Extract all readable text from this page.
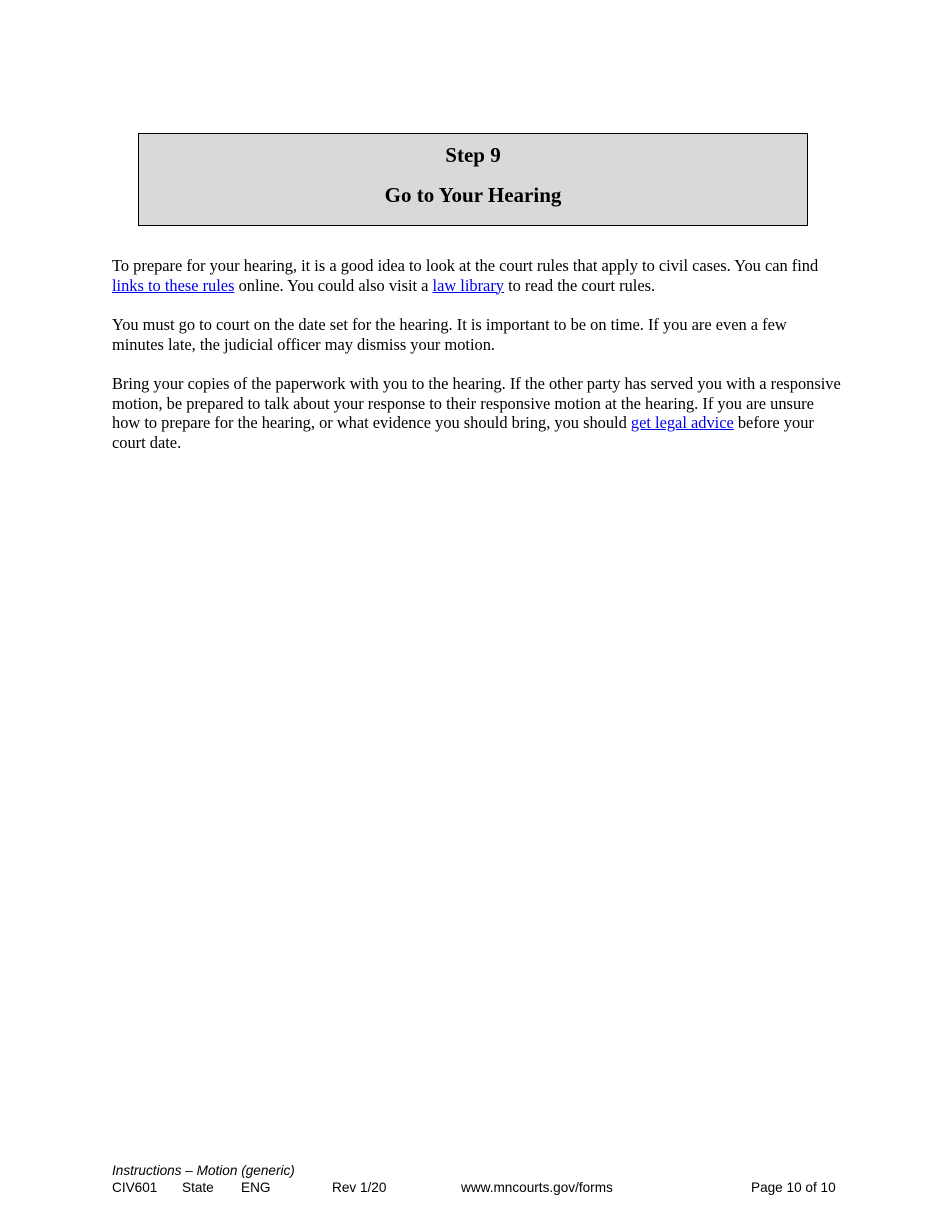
Step 9
Go to Your Hearing

To prepare for your hearing, it is a good idea to look at the court rules that apply to civil cases. You can find links to these rules online. You could also visit a law library to read the court rules.

You must go to court on the date set for the hearing. It is important to be on time. If you are even a few minutes late, the judicial officer may dismiss your motion.

Bring your copies of the paperwork with you to the hearing. If the other party has served you with a responsive motion, be prepared to talk about your response to their responsive motion at the hearing. If you are unsure how to prepare for the hearing, or what evidence you should bring, you should get legal advice before your court date.

Instructions – Motion (generic)
CIV601 State ENG	Rev 1/20	www.mncourts.gov/forms	Page 10 of 10
